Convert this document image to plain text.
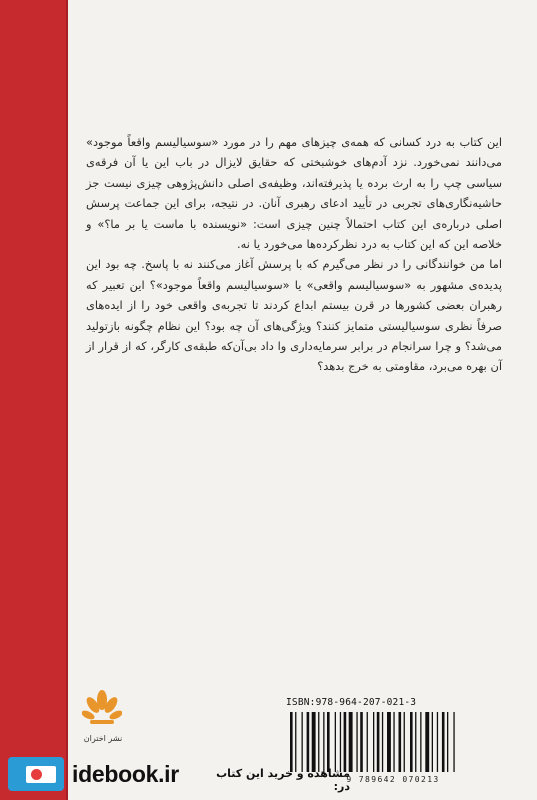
این کتاب به درد کسانی که همه‌ی چیزهای مهم را در مورد «سوسیالیسم واقعاً موجود» می‌دانند نمی‌خورد. نزد آدم‌های خوشبختی که حقایق لایزال در باب این یا آن فرقه‌ی سیاسی چپ را به ارث برده یا پذیرفته‌اند، وظیفه‌ی اصلی دانش‌پژوهی چیزی نیست جز حاشیه‌نگاری‌های تجربی در تأیید ادعای رهبری آنان. در نتیجه، برای این جماعت پرسش اصلی درباره‌ی این کتاب احتمالاً چنین چیزی است: «نویسنده با ماست یا بر ما؟» و خلاصه این که این کتاب به درد نظرکرده‌ها می‌خورد یا نه.

اما من خوانندگانی را در نظر می‌گیرم که با پرسش آغاز می‌کنند نه با پاسخ. چه بود این پدیده‌ی مشهور به «سوسیالیسم واقعی» یا «سوسیالیسم واقعاً موجود»؟ این تعبیر که رهبران بعضی کشورها در قرن بیستم ابداع کردند تا تجربه‌ی واقعی خود را از ایده‌های صرفاً نظری سوسیالیستی متمایز کنند؟ ویژگی‌های آن چه بود؟ این نظام چگونه بازتولید می‌شد؟ و چرا سرانجام در برابر سرمایه‌داری وا داد بی‌آن‌که طبقه‌ی کارگر، که از قرار از آن بهره می‌برد، مقاومتی به خرج بدهد؟

نشر اختران
ISBN:978-964-207-021-3
9 789642 070213
idebook.ir	مشاهده و خرید این کتاب در:
